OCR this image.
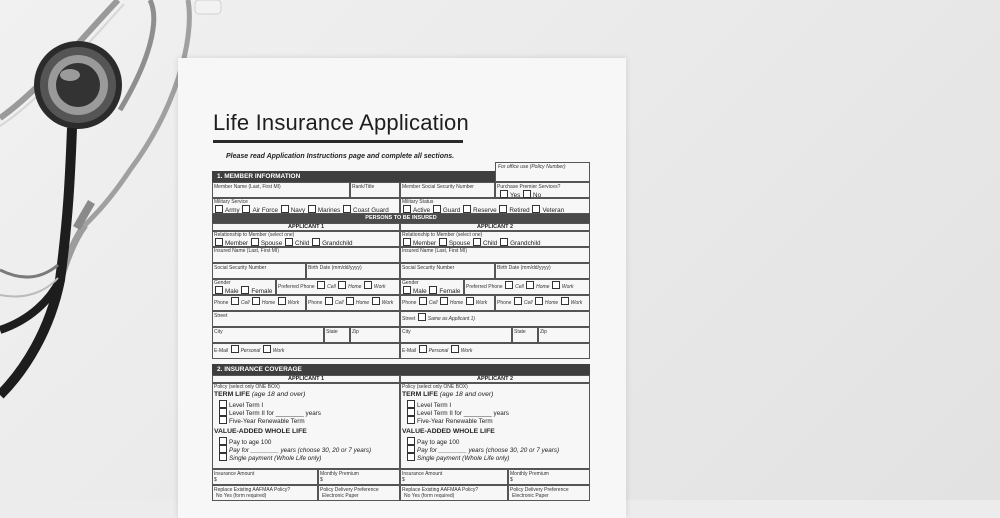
Life Insurance Application
Please read Application Instructions page and complete all sections.
For office use (Policy Number)
1. MEMBER INFORMATION
Member Name (Last, First MI)	Rank/Title	Member Social Security Number	Purchase Premier Services?
Yes No
Military Service
Army Air Force Navy Marines Coast Guard
Military Status
Active Guard Reserve Retired Veteran
PERSONS TO BE INSURED
APPLICANT 1	APPLICANT 2
Relationship to Member (select one)
Member Spouse Child Grandchild
Relationship to Member (select one)
Member Spouse Child Grandchild
Insured Name (Last, First MI)	Insured Name (Last, First MI)
Social Security Number	Birth Date (mm/dd/yyyy)	Social Security Number	Birth Date (mm/dd/yyyy)
Gender
Male Female
Preferred Phone Cell Home Work
Gender
Male Female
Preferred Phone Cell Home Work
Phone Cell Home Work Phone Cell Home Work Phone Cell Home Work Phone Cell Home Work
Street	Street Same as Applicant 1)
City	State	Zip	City	State	Zip
E-Mail Personal Work	E-Mail Personal Work
2. INSURANCE COVERAGE
APPLICANT 1	APPLICANT 2
Policy (select only ONE BOX)
TERM LIFE (age 18 and over)
Level Term I
Level Term II for ________ years
Five-Year Renewable Term
VALUE-ADDED WHOLE LIFE
Pay to age 100
Pay for ________ years (choose 30, 20 or 7 years)
Single payment (Whole Life only)
Policy (select only ONE BOX)
TERM LIFE (age 18 and over)
Level Term I
Level Term II for ________ years
Five-Year Renewable Term
VALUE-ADDED WHOLE LIFE
Pay to age 100
Pay for ________ years (choose 30, 20 or 7 years)
Single payment (Whole Life only)
Insurance Amount
$
Monthly Premium
$
Insurance Amount
$
Monthly Premium
$
Replace Existing AAFMAA Policy?
No Yes (form required)
Policy Delivery Preference
Electronic Paper
Replace Existing AAFMAA Policy?
No Yes (form required)
Policy Delivery Preference
Electronic Paper
